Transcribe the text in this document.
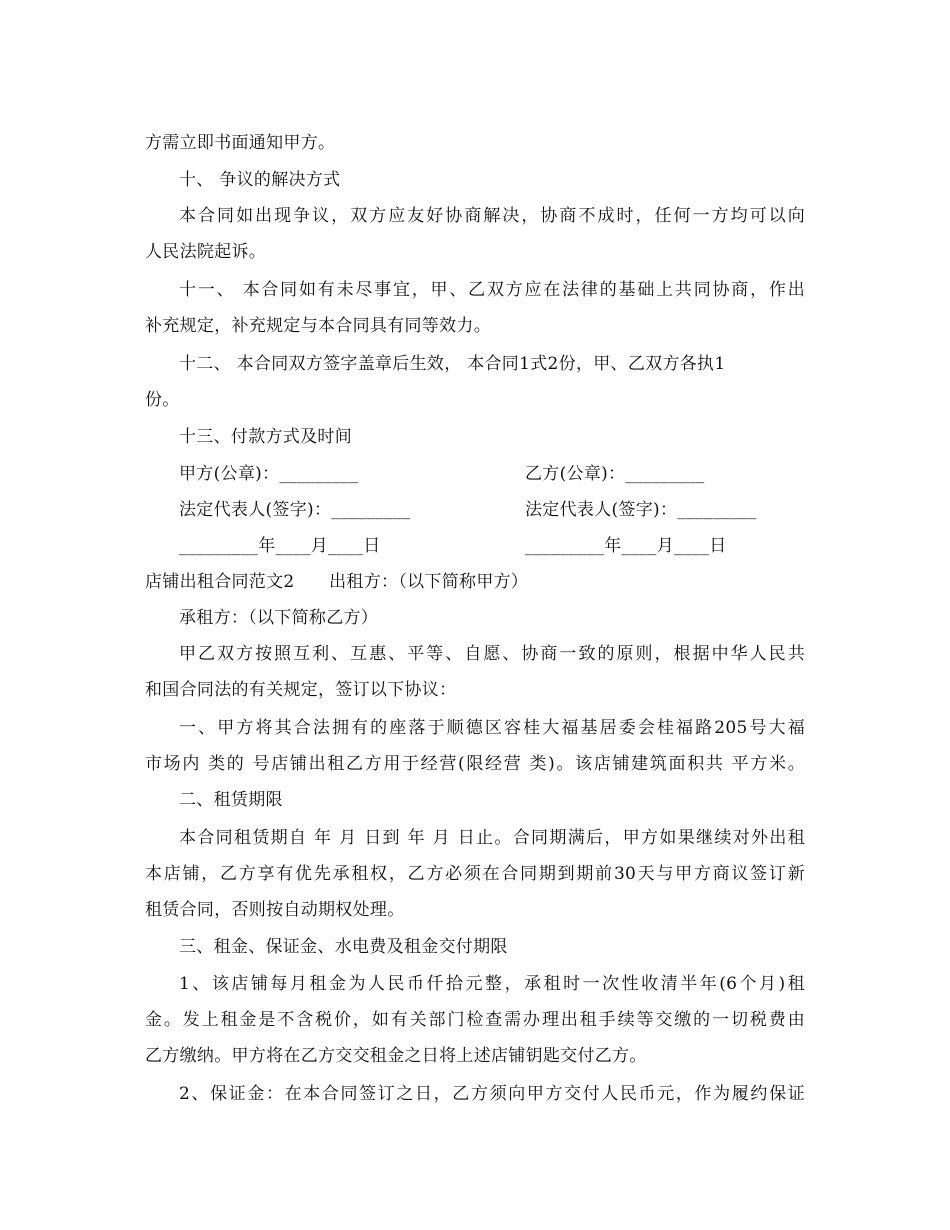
方需立即书面通知甲方。
十、 争议的解决方式
本合同如出现争议，双方应友好协商解决，协商不成时，任何一方均可以向
人民法院起诉。
十一、 本合同如有未尽事宜，甲、乙双方应在法律的基础上共同协商，作出
补充规定，补充规定与本合同具有同等效力。
十二、 本合同双方签字盖章后生效， 本合同1式2份，甲、乙双方各执1
份。
十三、付款方式及时间
甲方(公章)：_________	乙方(公章)：_________
法定代表人(签字)：_________	法定代表人(签字)：_________
_________年____月____日	_________年____月____日
店铺出租合同范文2　　出租方：（以下简称甲方）
承租方：（以下简称乙方）
甲乙双方按照互利、互惠、平等、自愿、协商一致的原则，根据中华人民共
和国合同法的有关规定，签订以下协议：
一、甲方将其合法拥有的座落于顺德区容桂大福基居委会桂福路205号大福
市场内 类的 号店铺出租乙方用于经营(限经营 类)。该店铺建筑面积共 平方米。
二、租赁期限
本合同租赁期自 年 月 日到 年 月 日止。合同期满后，甲方如果继续对外出租
本店铺，乙方享有优先承租权，乙方必须在合同期到期前30天与甲方商议签订新
租赁合同，否则按自动期权处理。
三、租金、保证金、水电费及租金交付期限
1、该店铺每月租金为人民币仟拾元整，承租时一次性收清半年(6个月)租
金。发上租金是不含税价，如有关部门检查需办理出租手续等交缴的一切税费由
乙方缴纳。甲方将在乙方交交租金之日将上述店铺钥匙交付乙方。
2、保证金：在本合同签订之日，乙方须向甲方交付人民币元，作为履约保证
